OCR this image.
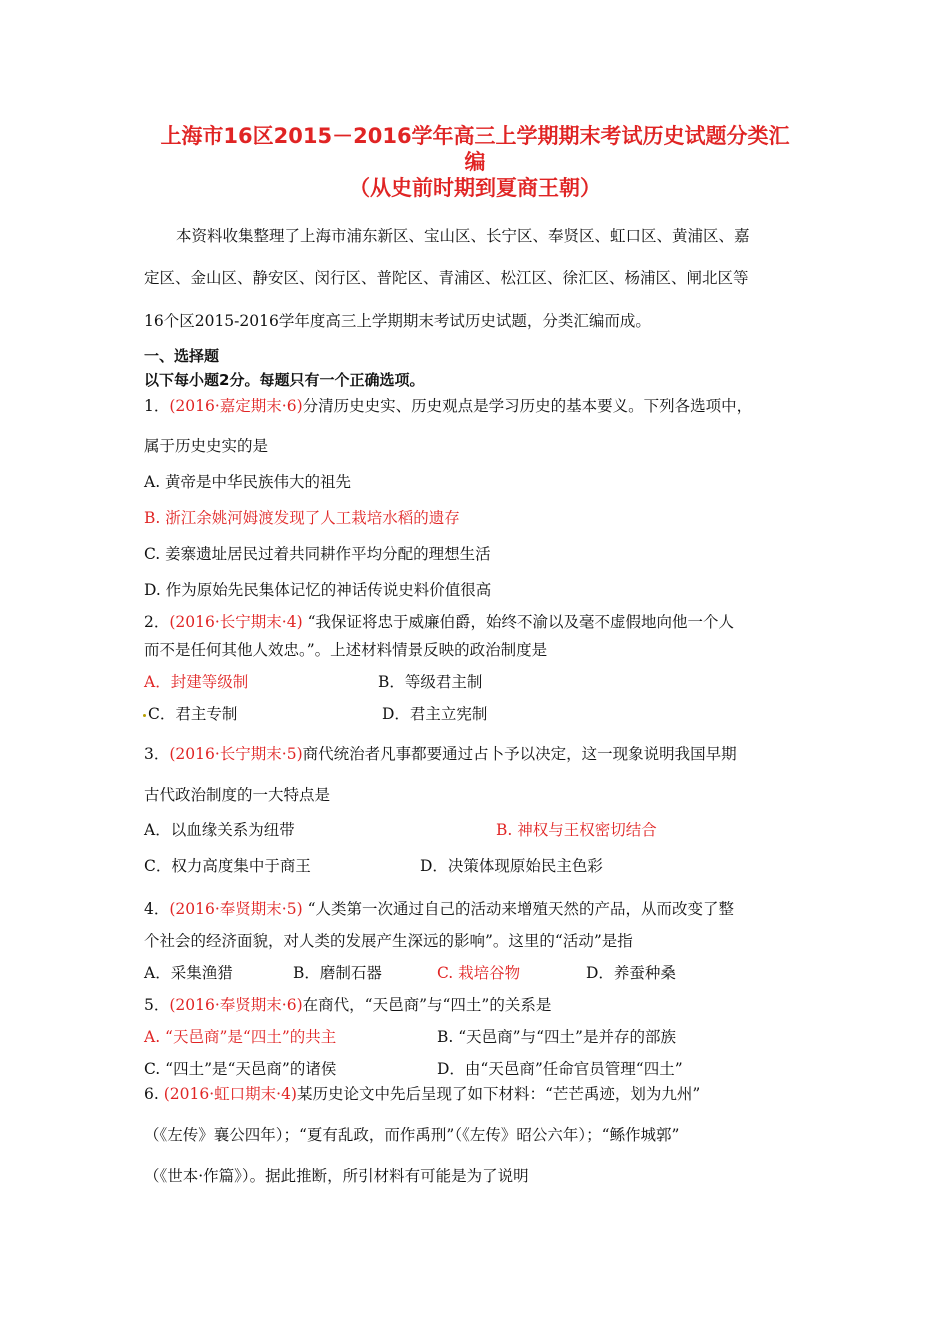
上海市16区2015－2016学年高三上学期期末考试历史试题分类汇
编
（从史前时期到夏商王朝）
本资料收集整理了上海市浦东新区、宝山区、长宁区、奉贤区、虹口区、黄浦区、嘉
定区、金山区、静安区、闵行区、普陀区、青浦区、松江区、徐汇区、杨浦区、闸北区等
16个区2015-2016学年度高三上学期期末考试历史试题，分类汇编而成。
一、选择题
以下每小题2分。每题只有一个正确选项。
1．(2016·嘉定期末·6)分清历史史实、历史观点是学习历史的基本要义。下列各选项中，
属于历史史实的是
A. 黄帝是中华民族伟大的祖先
B. 浙江余姚河姆渡发现了人工栽培水稻的遗存
C. 姜寨遗址居民过着共同耕作平均分配的理想生活
D. 作为原始先民集体记忆的神话传说史料价值很高
2．(2016·长宁期末·4) “我保证将忠于威廉伯爵，始终不渝以及毫不虚假地向他一个人
而不是任何其他人效忠。”。上述材料情景反映的政治制度是
A．封建等级制	B．等级君主制
C．君主专制	D．君主立宪制
3．(2016·长宁期末·5)商代统治者凡事都要通过占卜予以决定，这一现象说明我国早期
古代政治制度的一大特点是
A．以血缘关系为纽带	B. 神权与王权密切结合
C．权力高度集中于商王	D．决策体现原始民主色彩
4．(2016·奉贤期末·5) “人类第一次通过自己的活动来增殖天然的产品，从而改变了整
个社会的经济面貌，对人类的发展产生深远的影响”。这里的“活动”是指
A．采集渔猎	B．磨制石器	C. 栽培谷物	D．养蚕种桑
5．(2016·奉贤期末·6)在商代，“天邑商”与“四土”的关系是
A. “天邑商”是“四土”的共主	B. “天邑商”与“四土”是并存的部族
C. “四土”是“天邑商”的诸侯	D．由“天邑商”任命官员管理“四土”
6. (2016·虹口期末·4)某历史论文中先后呈现了如下材料：“芒芒禹迹，划为九州”
（《左传》襄公四年）；“夏有乱政，而作禹刑”（《左传》昭公六年）；“鲧作城郭”
（《世本·作篇》）。据此推断，所引材料有可能是为了说明
